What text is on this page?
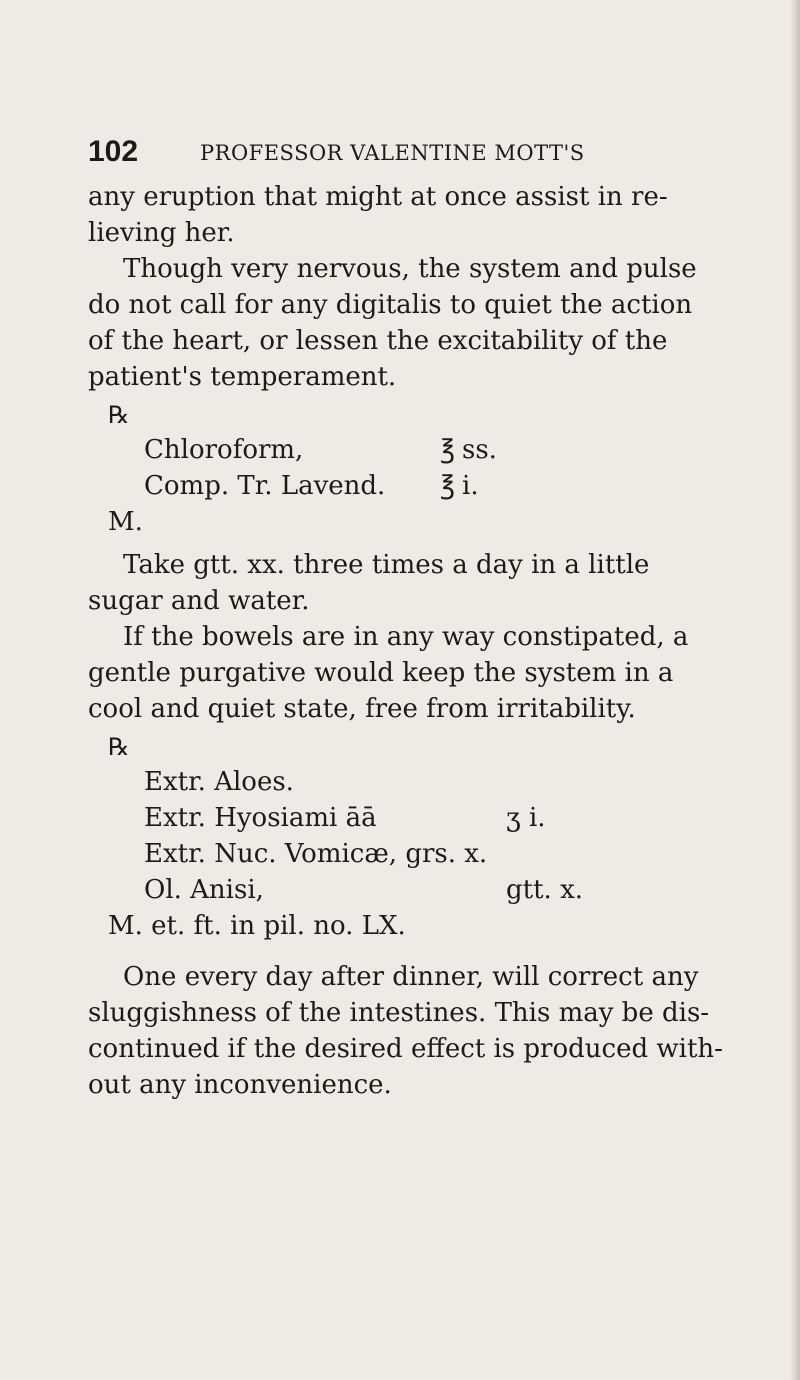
102	PROFESSOR VALENTINE MOTT'S
any eruption that might at once assist in re-
lieving her.
Though very nervous, the system and pulse
do not call for any digitalis to quiet the action
of the heart, or lessen the excitability of the
patient's temperament.
℞
Chloroform,	℥ ss.
Comp. Tr. Lavend. ℥ i.
M.
Take gtt. xx. three times a day in a little
sugar and water.
If the bowels are in any way constipated, a
gentle purgative would keep the system in a
cool and quiet state, free from irritability.
℞
Extr. Aloes.
Extr. Hyosiami āā	ʒ i.
Extr. Nuc. Vomicæ, grs. x.
Ol. Anisi,	gtt. x.
M. et. ft. in pil. no. LX.
One every day after dinner, will correct any
sluggishness of the intestines. This may be dis-
continued if the desired effect is produced with-
out any inconvenience.
